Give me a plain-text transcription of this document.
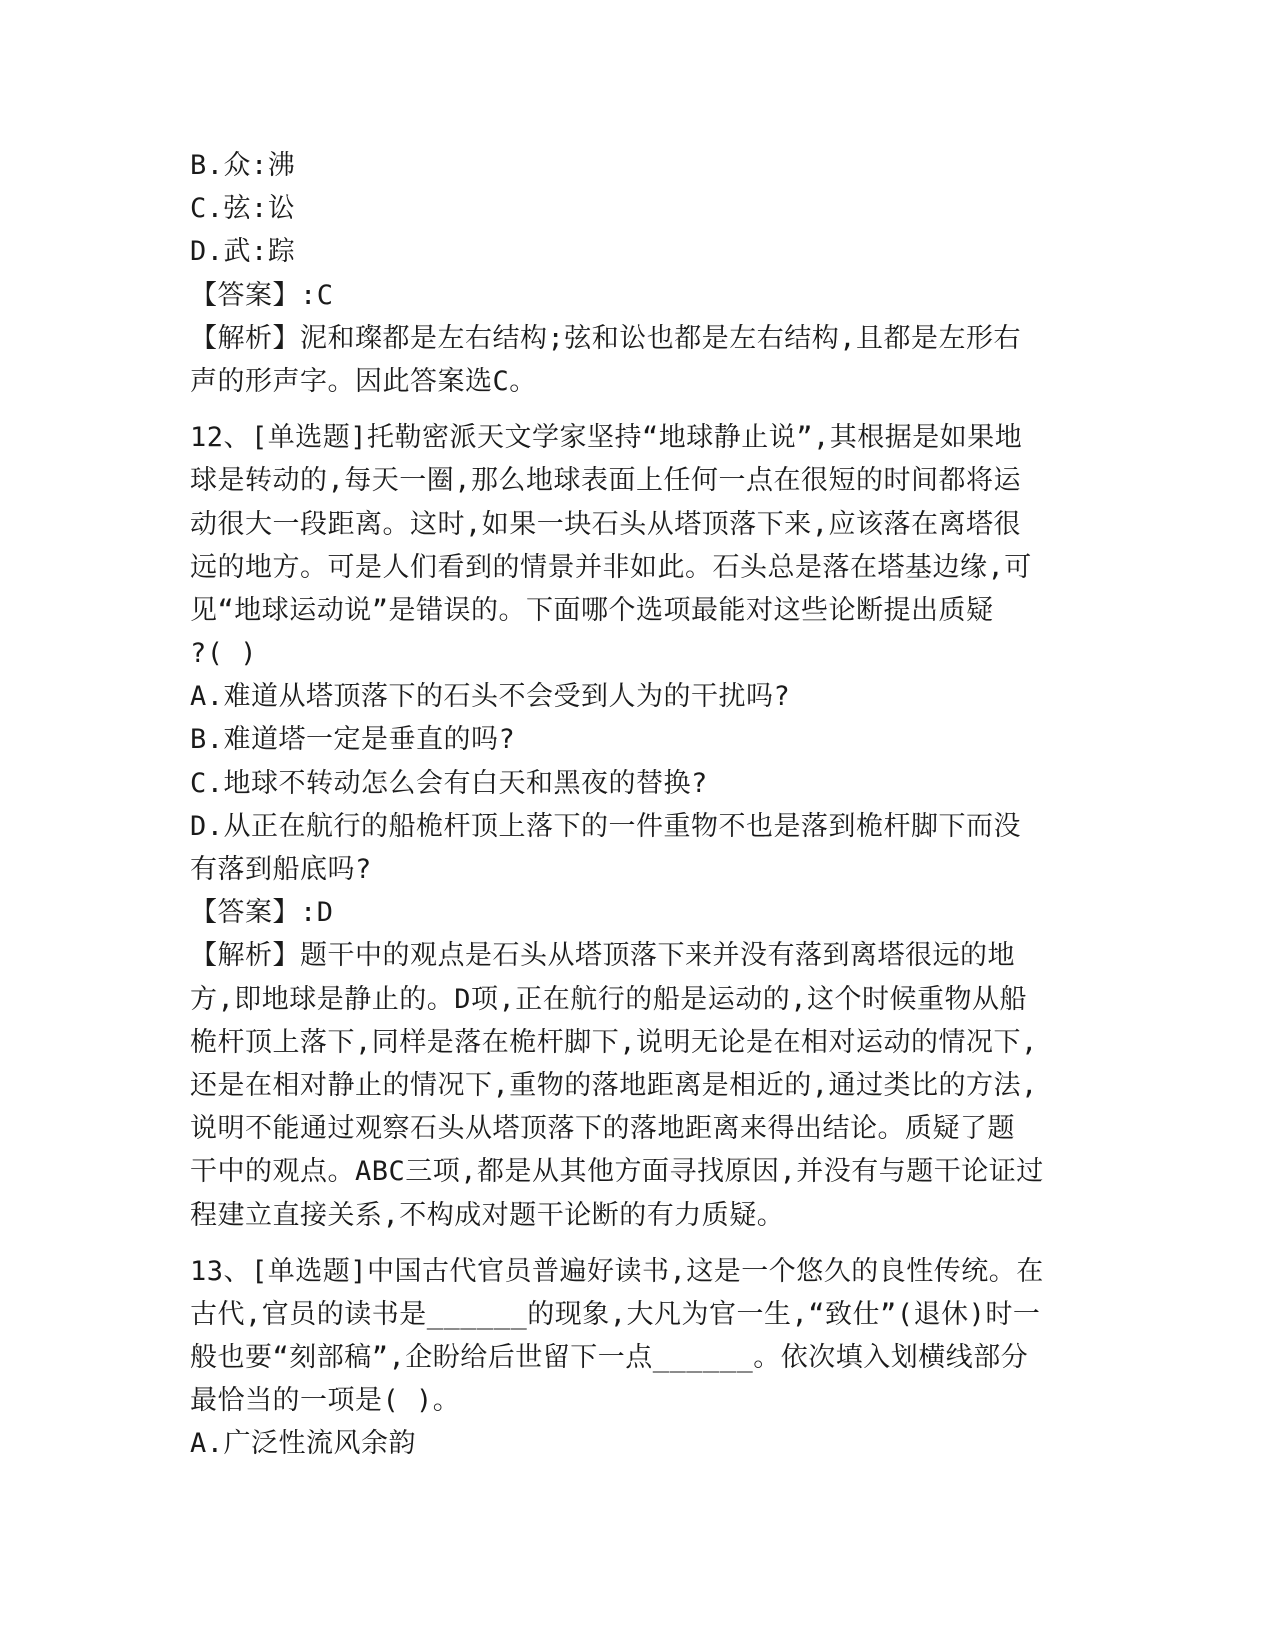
B.众:沸
C.弦:讼
D.武:踪
【答案】:C
【解析】泥和璨都是左右结构;弦和讼也都是左右结构,且都是左形右
声的形声字。因此答案选C。
12、[单选题]托勒密派天文学家坚持“地球静止说”,其根据是如果地
球是转动的,每天一圈,那么地球表面上任何一点在很短的时间都将运
动很大一段距离。这时,如果一块石头从塔顶落下来,应该落在离塔很
远的地方。可是人们看到的情景并非如此。石头总是落在塔基边缘,可
见“地球运动说”是错误的。下面哪个选项最能对这些论断提出质疑
?( )
A.难道从塔顶落下的石头不会受到人为的干扰吗?
B.难道塔一定是垂直的吗?
C.地球不转动怎么会有白天和黑夜的替换?
D.从正在航行的船桅杆顶上落下的一件重物不也是落到桅杆脚下而没
有落到船底吗?
【答案】:D
【解析】题干中的观点是石头从塔顶落下来并没有落到离塔很远的地
方,即地球是静止的。D项,正在航行的船是运动的,这个时候重物从船
桅杆顶上落下,同样是落在桅杆脚下,说明无论是在相对运动的情况下,
还是在相对静止的情况下,重物的落地距离是相近的,通过类比的方法,
说明不能通过观察石头从塔顶落下的落地距离来得出结论。质疑了题
干中的观点。ABC三项,都是从其他方面寻找原因,并没有与题干论证过
程建立直接关系,不构成对题干论断的有力质疑。
13、[单选题]中国古代官员普遍好读书,这是一个悠久的良性传统。在
古代,官员的读书是______的现象,大凡为官一生,“致仕”(退休)时一
般也要“刻部稿”,企盼给后世留下一点______。依次填入划横线部分
最恰当的一项是( )。
A.广泛性流风余韵
